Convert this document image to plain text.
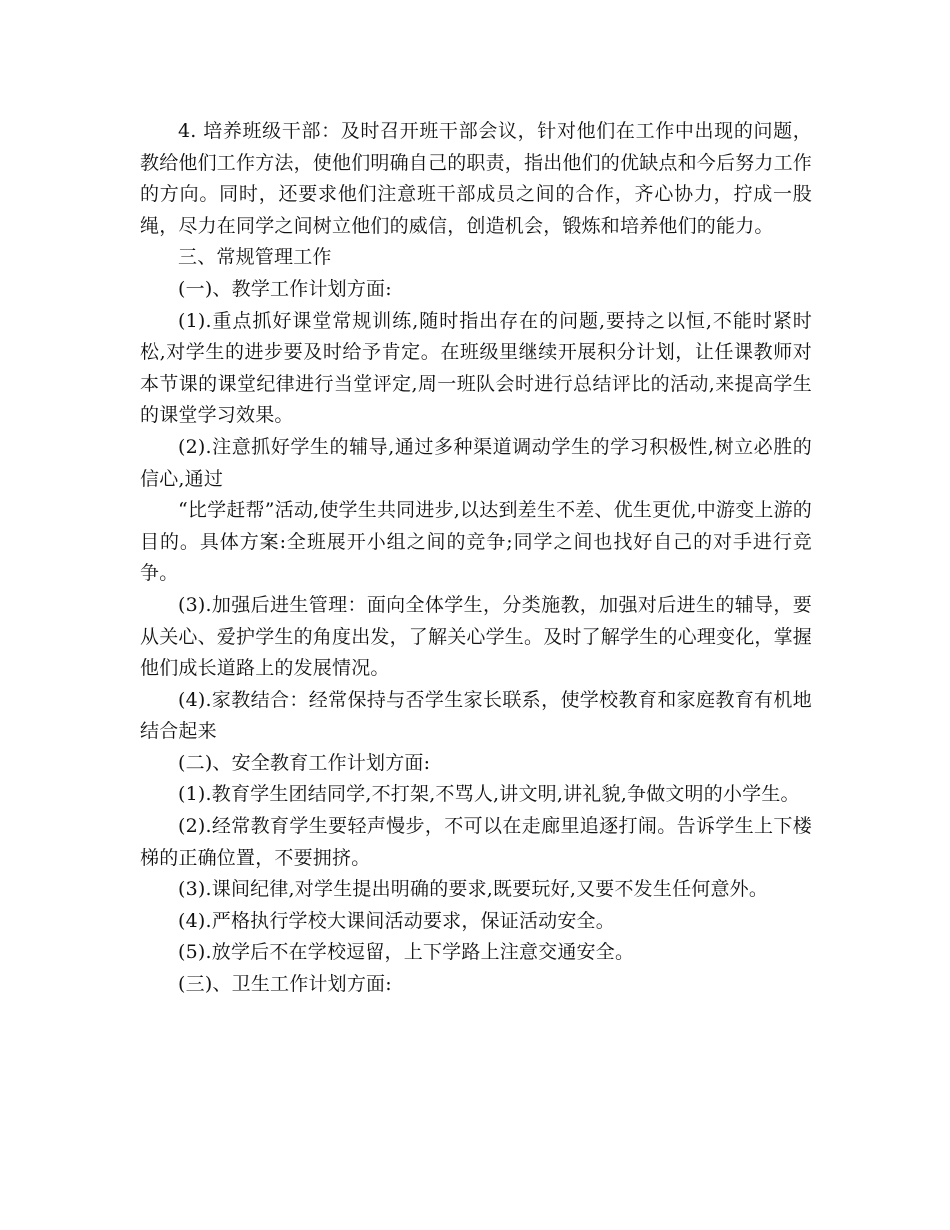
4. 培养班级干部：及时召开班干部会议，针对他们在工作中出现的问题，教给他们工作方法，使他们明确自己的职责，指出他们的优缺点和今后努力工作的方向。同时，还要求他们注意班干部成员之间的合作，齐心协力，拧成一股绳，尽力在同学之间树立他们的威信，创造机会，锻炼和培养他们的能力。

三、常规管理工作

(一)、教学工作计划方面:

(1).重点抓好课堂常规训练,随时指出存在的问题,要持之以恒,不能时紧时松,对学生的进步要及时给予肯定。在班级里继续开展积分计划，让任课教师对本节课的课堂纪律进行当堂评定,周一班队会时进行总结评比的活动,来提高学生的课堂学习效果。

(2).注意抓好学生的辅导,通过多种渠道调动学生的学习积极性,树立必胜的信心,通过

“比学赶帮”活动,使学生共同进步,以达到差生不差、优生更优,中游变上游的目的。具体方案:全班展开小组之间的竞争;同学之间也找好自己的对手进行竞争。

(3).加强后进生管理：面向全体学生，分类施教，加强对后进生的辅导，要从关心、爱护学生的角度出发，了解关心学生。及时了解学生的心理变化，掌握他们成长道路上的发展情况。

(4).家教结合：经常保持与否学生家长联系，使学校教育和家庭教育有机地结合起来

(二)、安全教育工作计划方面:

(1).教育学生团结同学,不打架,不骂人,讲文明,讲礼貌,争做文明的小学生。

(2).经常教育学生要轻声慢步，不可以在走廊里追逐打闹。告诉学生上下楼梯的正确位置，不要拥挤。

(3).课间纪律,对学生提出明确的要求,既要玩好,又要不发生任何意外。

(4).严格执行学校大课间活动要求，保证活动安全。

(5).放学后不在学校逗留，上下学路上注意交通安全。

(三)、卫生工作计划方面:
